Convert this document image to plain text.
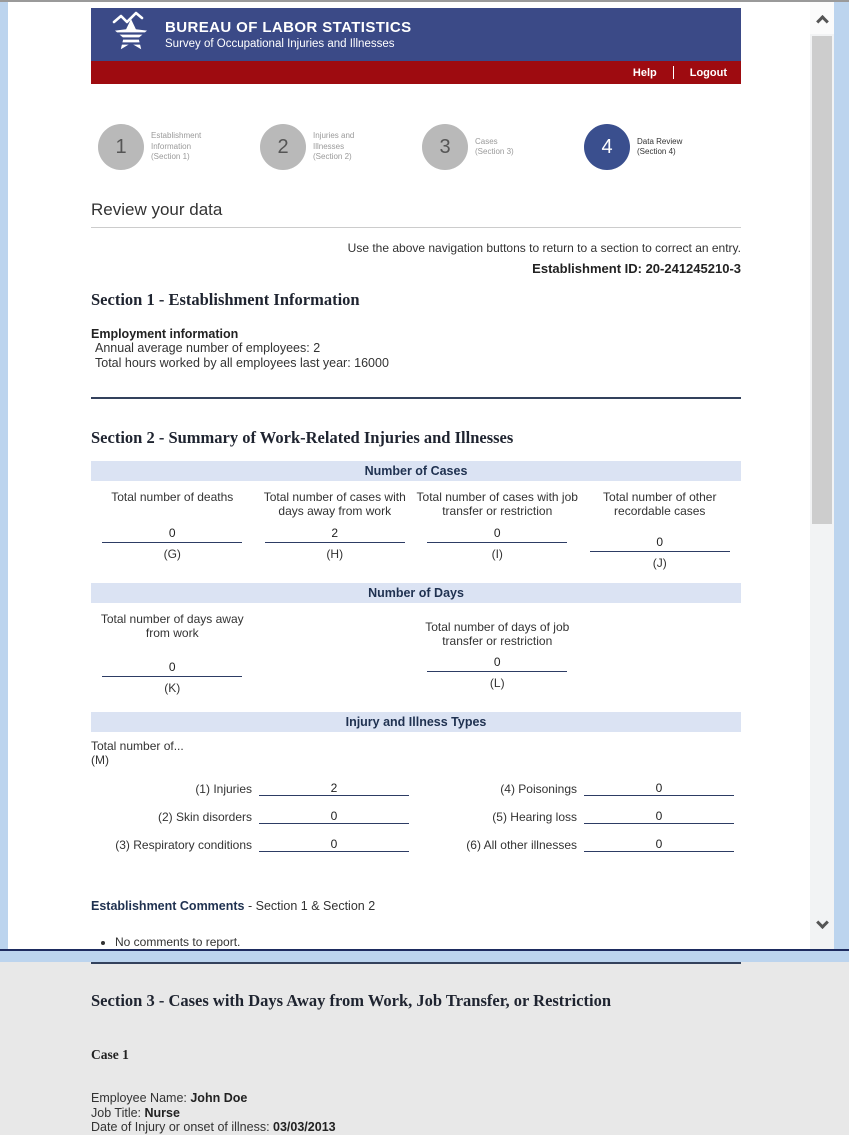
BUREAU OF LABOR STATISTICS
Survey of Occupational Injuries and Illnesses
Help	Logout
1	Establishment Information
(Section 1)	2	Injuries and Illnesses
(Section 2)	3	Cases
(Section 3)	4	Data Review
(Section 4)
Review your data
Use the above navigation buttons to return to a section to correct an entry.
Establishment ID: 20-241245210-3
Section 1 - Establishment Information
Employment information
Annual average number of employees: 2
Total hours worked by all employees last year: 16000
Section 2 - Summary of Work-Related Injuries and Illnesses
Number of Cases
Total number of deaths
0
(G)
Total number of cases with days away from work
2
(H)
Total number of cases with job transfer or restriction
0
(I)
Total number of other recordable cases
0
(J)
Number of Days
Total number of days away from work
0
(K)
Total number of days of job transfer or restriction
0
(L)
Injury and Illness Types
Total number of...
(M)
(1) Injuries	2
(2) Skin disorders	0
(3) Respiratory conditions	0
(4) Poisonings	0
(5) Hearing loss	0
(6) All other illnesses	0
Establishment Comments - Section 1 & Section 2
• No comments to report.
Section 3 - Cases with Days Away from Work, Job Transfer, or Restriction
Case 1
Employee Name: John Doe
Job Title: Nurse
Date of Injury or onset of illness: 03/03/2013
